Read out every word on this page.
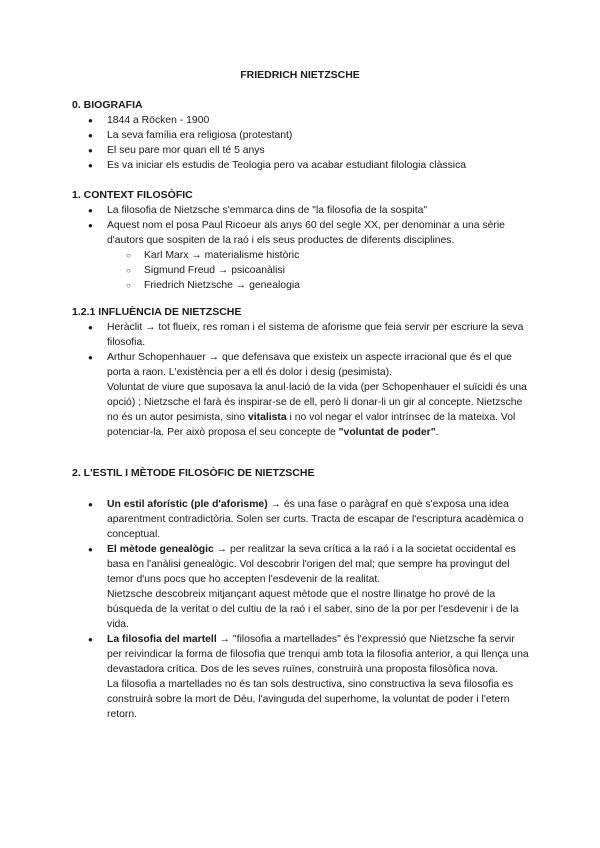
FRIEDRICH NIETZSCHE
0. BIOGRAFIA
● 1844 a Röcken - 1900
● La seva família era religiosa (protestant)
● El seu pare mor quan ell té 5 anys
● Es va iniciar els estudis de Teologia pero va acabar estudiant filologia clàssica
1. CONTEXT FILOSÒFIC
● La filosofia de Nietzsche s'emmarca dins de "la filosofia de la sospita"
● Aquest nom el posa Paul Ricoeur als anys 60 del segle XX, per denominar a una sèrie d'autors que sospiten de la raó i els seus productes de diferents disciplines.
○ Karl Marx → materialisme històric
○ Sigmund Freud → psicoanàlisi
○ Friedrich Nietzsche → genealogia
1.2.1 INFLUÈNCIA DE NIETZSCHE
● Heràclit → tot flueix, res roman i el sistema de aforisme que feia servir per escriure la seva filosofia.

● Arthur Schopenhauer → que defensava que existeix un aspecte irracional que és el que porta a raon. L'existència per a ell és dolor i desig (pesimista).

Voluntat de viure que suposava la anul·lació de la vida (per Schopenhauer el suïcidi és una opció) ; Nietzsche el farà és inspirar-se de ell, però li donar-li un gir al concepte. Nietzsche no és un autor pesimista, sino vitalista i no vol negar el valor intrínsec de la mateixa. Vol potenciar-la. Per això proposa el seu concepte de "voluntat de poder".

2. L'ESTIL I MÈTODE FILOSÒFIC DE NIETZSCHE
● Un estil aforístic (ple d'aforisme) → és una fase o paràgraf en què s'exposa una idea aparentment contradictòria. Solen ser curts. Tracta de escapar de l'escriptura acadèmica o conceptual.

● El mètode genealògic → per realitzar la seva crítica a la raó i a la societat occidental es basa en l'anàlisi genealògic. Vol descobrir l'origen del mal; que sempre ha provingut del temor d'uns pocs que ho accepten l'esdevenir de la realitat.

Nietzsche descobreix mitjançant aquest mètode que el nostre llinatge ho prové de la búsqueda de la veritat o del cultiu de la raó i el saber, sino de la por per l'esdevenir i de la vida.

● La filosofia del martell → "filosofia a martellades" és l'expressió que Nietzsche fa servir per reivindicar la forma de filosofia que trenqui amb tota la filosofia anterior, a qui llença una devastadora crítica. Dos de les seves ruïnes, construirà una proposta filosòfica nova.

La filosofia a martellades no és tan sols destructiva, sino constructiva la seva filosofia es construirà sobre la mort de Déu, l'avinguda del superhome, la voluntat de poder i l'etern retorn.
